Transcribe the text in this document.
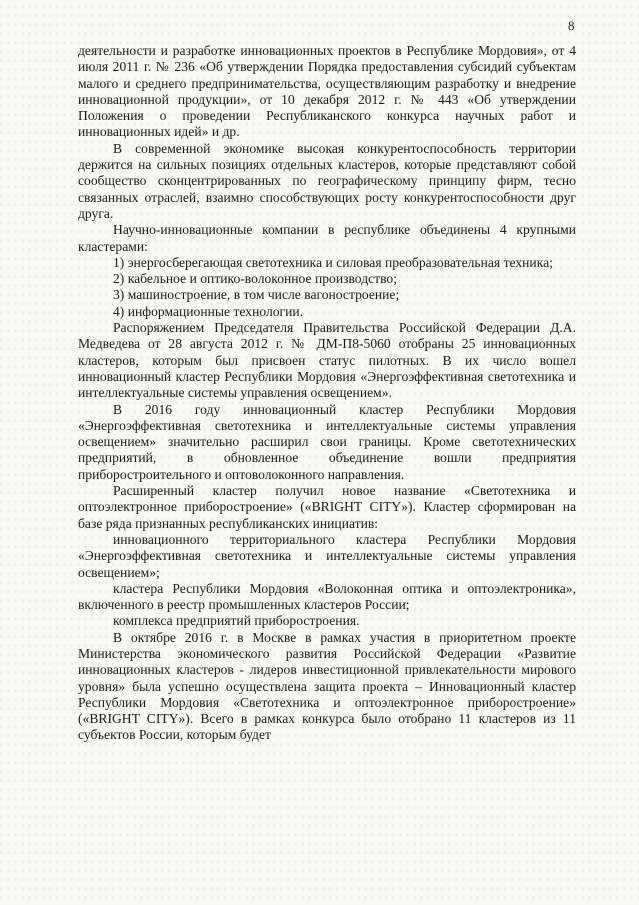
8

деятельности и разработке инновационных проектов в Республике Мордовия», от 4 июля 2011 г. № 236 «Об утверждении Порядка предоставления субсидий субъектам малого и среднего предпринимательства, осуществляющим разработку и внедрение инновационной продукции», от 10 декабря 2012 г. № 443 «Об утверждении Положения о проведении Республиканского конкурса научных работ и инновационных идей» и др.

В современной экономике высокая конкурентоспособность территории держится на сильных позициях отдельных кластеров, которые представляют собой сообщество сконцентрированных по географическому принципу фирм, тесно связанных отраслей, взаимно способствующих росту конкурентоспособности друг друга.

Научно-инновационные компании в республике объединены 4 крупными кластерами:

1) энергосберегающая светотехника и силовая преобразовательная техника;

2) кабельное и оптико-волоконное производство;

3) машиностроение, в том числе вагоностроение;

4) информационные технологии.

Распоряжением Председателя Правительства Российской Федерации Д.А. Медведева от 28 августа 2012 г. № ДМ-П8-5060 отобраны 25 инновационных кластеров, которым был присвоен статус пилотных. В их число вошел инновационный кластер Республики Мордовия «Энергоэффективная светотехника и интеллектуальные системы управления освещением».

В 2016 году инновационный кластер Республики Мордовия «Энергоэффективная светотехника и интеллектуальные системы управления освещением» значительно расширил свои границы. Кроме светотехнических предприятий, в обновленное объединение вошли предприятия приборостроительного и оптоволоконного направления.

Расширенный кластер получил новое название «Светотехника и оптоэлектронное приборостроение» («BRIGHT CITY»). Кластер сформирован на базе ряда признанных республиканских инициатив:

инновационного территориального кластера Республики Мордовия «Энергоэффективная светотехника и интеллектуальные системы управления освещением»;

кластера Республики Мордовия «Волоконная оптика и оптоэлектроника», включенного в реестр промышленных кластеров России;

комплекса предприятий приборостроения.

В октябре 2016 г. в Москве в рамках участия в приоритетном проекте Министерства экономического развития Российской Федерации «Развитие инновационных кластеров - лидеров инвестиционной привлекательности мирового уровня» была успешно осуществлена защита проекта – Инновационный кластер Республики Мордовия «Светотехника и оптоэлектронное приборостроение» («BRIGHT CITY»). Всего в рамках конкурса было отобрано 11 кластеров из 11 субъектов России, которым будет
